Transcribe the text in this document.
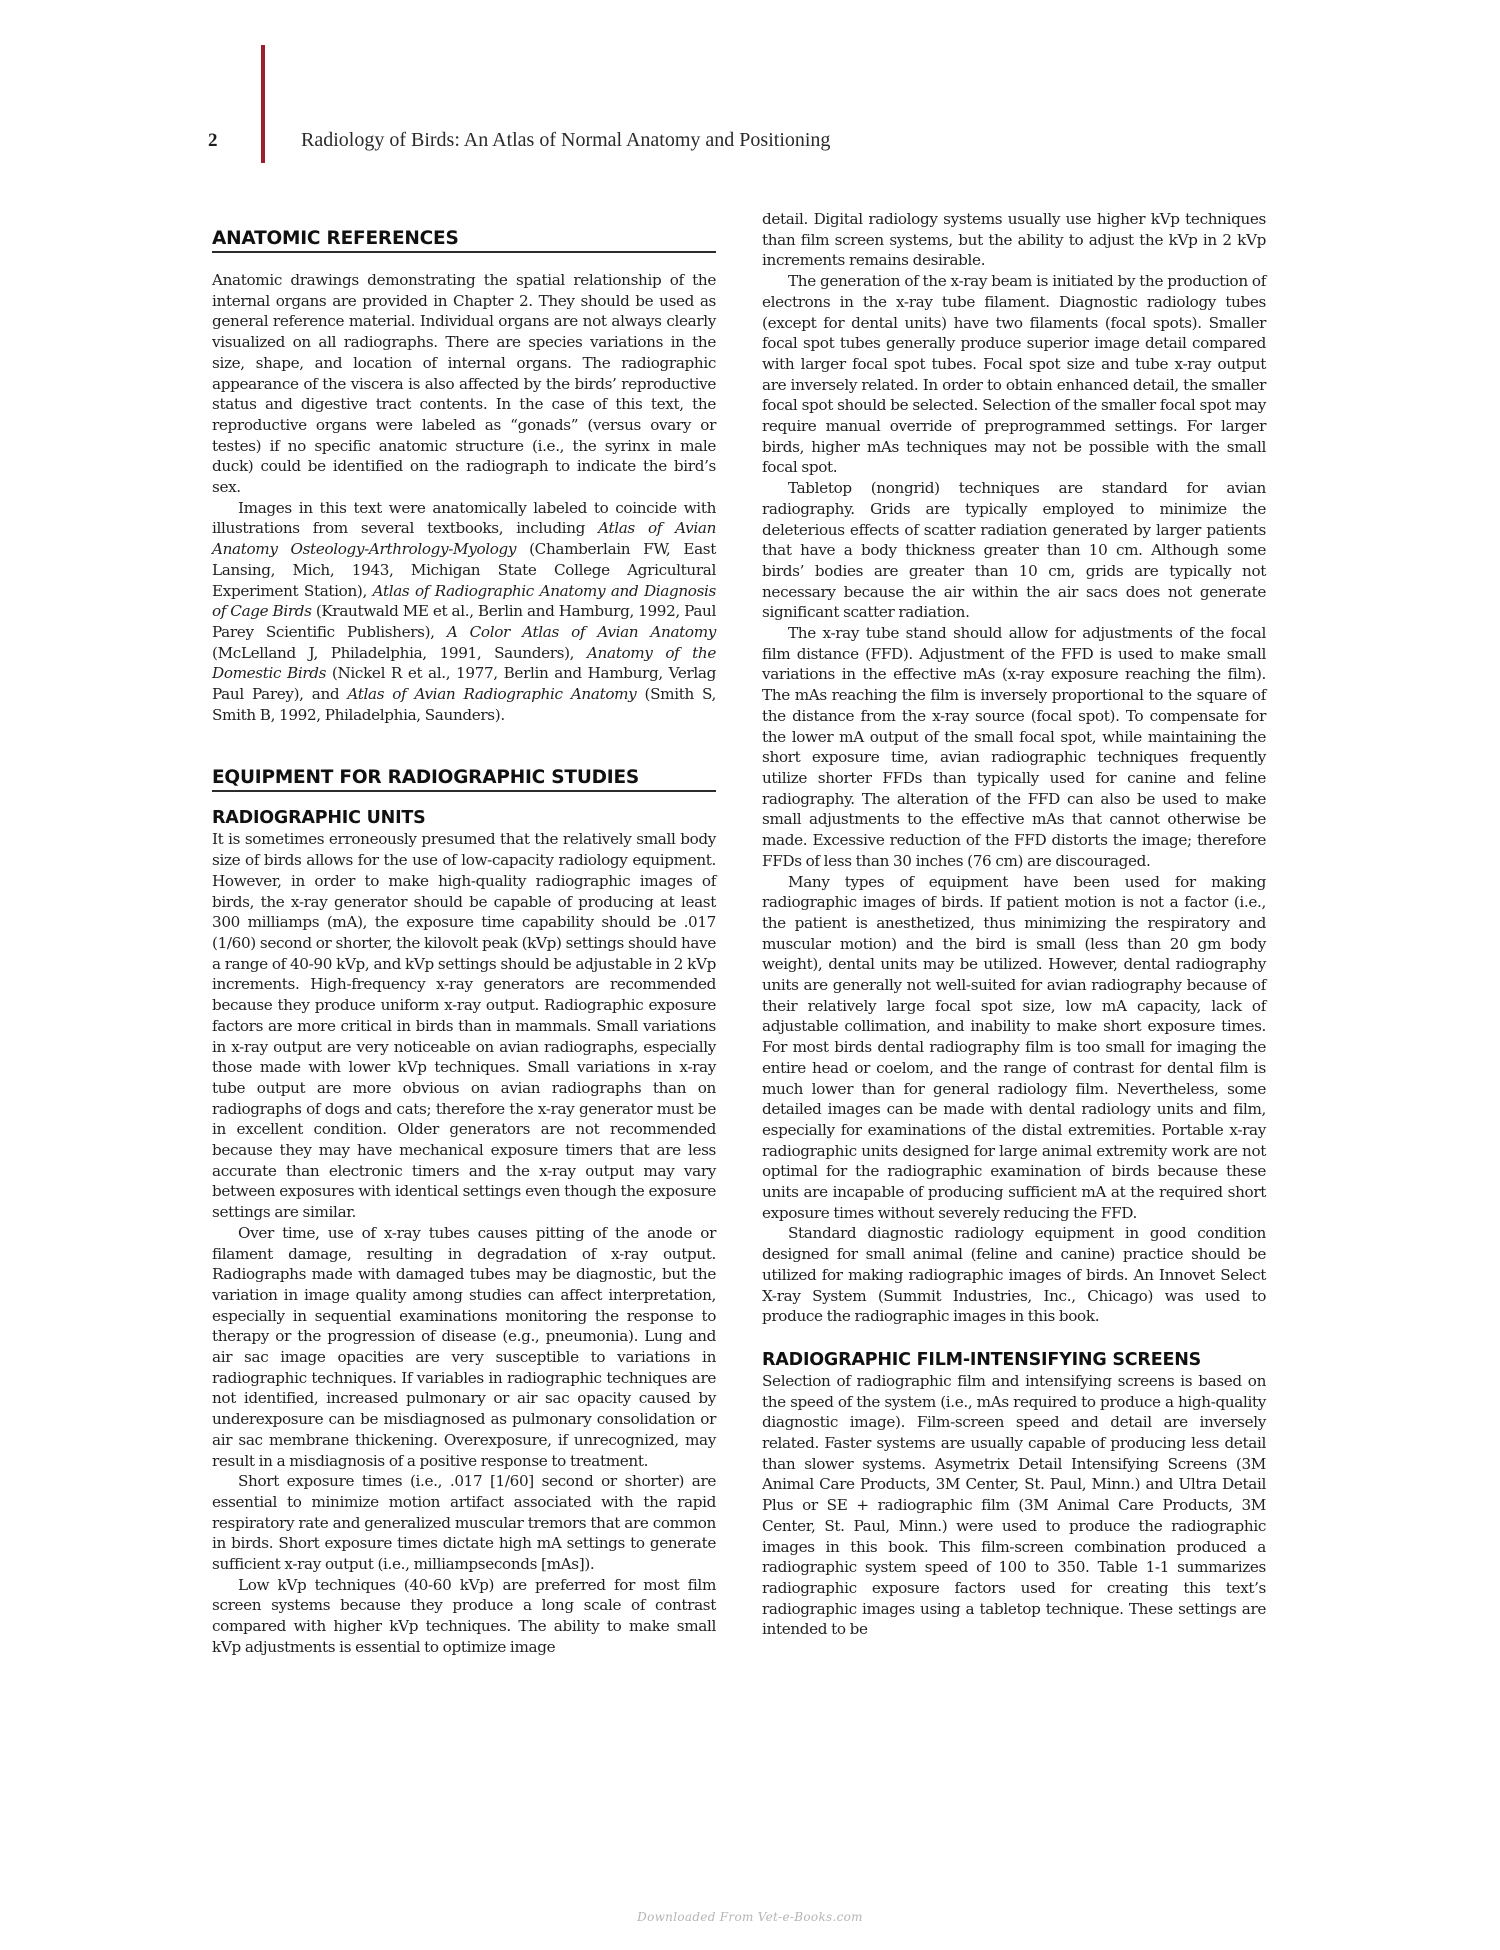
2	Radiology of Birds: An Atlas of Normal Anatomy and Positioning
ANATOMIC REFERENCES

Anatomic drawings demonstrating the spatial relationship of the internal organs are provided in Chapter 2. They should be used as general reference material. Individual organs are not always clearly visualized on all radiographs. There are species variations in the size, shape, and location of internal organs. The radiographic appearance of the viscera is also affected by the birds’ reproductive status and digestive tract contents. In the case of this text, the reproductive organs were labeled as “gonads” (versus ovary or testes) if no specific anatomic structure (i.e., the syrinx in male duck) could be identified on the radiograph to indicate the bird’s sex.

Images in this text were anatomically labeled to coincide with illustrations from several textbooks, including Atlas of Avian Anatomy Osteology-Arthrology-Myology (Chamberlain FW, East Lansing, Mich, 1943, Michigan State College Agricultural Experiment Station), Atlas of Radiographic Anatomy and Diagnosis of Cage Birds (Krautwald ME et al., Berlin and Hamburg, 1992, Paul Parey Scientific Publishers), A Color Atlas of Avian Anatomy (McLelland J, Philadelphia, 1991, Saunders), Anatomy of the Domestic Birds (Nickel R et al., 1977, Berlin and Hamburg, Verlag Paul Parey), and Atlas of Avian Radiographic Anatomy (Smith S, Smith B, 1992, Philadelphia, Saunders).

EQUIPMENT FOR RADIOGRAPHIC STUDIES
RADIOGRAPHIC UNITS

It is sometimes erroneously presumed that the relatively small body size of birds allows for the use of low-capacity radiology equipment. However, in order to make high-quality radiographic images of birds, the x-ray generator should be capable of producing at least 300 milliamps (mA), the exposure time capability should be .017 (1/60) second or shorter, the kilovolt peak (kVp) settings should have a range of 40-90 kVp, and kVp settings should be adjustable in 2 kVp increments. High-frequency x-ray generators are recommended because they produce uniform x-ray output. Radiographic exposure factors are more critical in birds than in mammals. Small variations in x-ray output are very noticeable on avian radiographs, especially those made with lower kVp techniques. Small variations in x-ray tube output are more obvious on avian radiographs than on radiographs of dogs and cats; therefore the x-ray generator must be in excellent condition. Older generators are not recommended because they may have mechanical exposure timers that are less accurate than electronic timers and the x-ray output may vary between exposures with identical settings even though the exposure settings are similar.

Over time, use of x-ray tubes causes pitting of the anode or filament damage, resulting in degradation of x-ray output. Radiographs made with damaged tubes may be diagnostic, but the variation in image quality among studies can affect interpretation, especially in sequential examinations monitoring the response to therapy or the progression of disease (e.g., pneumonia). Lung and air sac image opacities are very susceptible to variations in radiographic techniques. If variables in radiographic techniques are not identified, increased pulmonary or air sac opacity caused by underexposure can be misdiagnosed as pulmonary consolidation or air sac membrane thickening. Overexposure, if unrecognized, may result in a misdiagnosis of a positive response to treatment.

Short exposure times (i.e., .017 [1/60] second or shorter) are essential to minimize motion artifact associated with the rapid respiratory rate and generalized muscular tremors that are common in birds. Short exposure times dictate high mA settings to generate sufficient x-ray output (i.e., milliampseconds [mAs]).

Low kVp techniques (40-60 kVp) are preferred for most film screen systems because they produce a long scale of contrast compared with higher kVp techniques. The ability to make small kVp adjustments is essential to optimize image

detail. Digital radiology systems usually use higher kVp techniques than film screen systems, but the ability to adjust the kVp in 2 kVp increments remains desirable.

The generation of the x-ray beam is initiated by the production of electrons in the x-ray tube filament. Diagnostic radiology tubes (except for dental units) have two filaments (focal spots). Smaller focal spot tubes generally produce superior image detail compared with larger focal spot tubes. Focal spot size and tube x-ray output are inversely related. In order to obtain enhanced detail, the smaller focal spot should be selected. Selection of the smaller focal spot may require manual override of preprogrammed settings. For larger birds, higher mAs techniques may not be possible with the small focal spot.

Tabletop (nongrid) techniques are standard for avian radiography. Grids are typically employed to minimize the deleterious effects of scatter radiation generated by larger patients that have a body thickness greater than 10 cm. Although some birds’ bodies are greater than 10 cm, grids are typically not necessary because the air within the air sacs does not generate significant scatter radiation.

The x-ray tube stand should allow for adjustments of the focal film distance (FFD). Adjustment of the FFD is used to make small variations in the effective mAs (x-ray exposure reaching the film). The mAs reaching the film is inversely proportional to the square of the distance from the x-ray source (focal spot). To compensate for the lower mA output of the small focal spot, while maintaining the short exposure time, avian radiographic techniques frequently utilize shorter FFDs than typically used for canine and feline radiography. The alteration of the FFD can also be used to make small adjustments to the effective mAs that cannot otherwise be made. Excessive reduction of the FFD distorts the image; therefore FFDs of less than 30 inches (76 cm) are discouraged.

Many types of equipment have been used for making radiographic images of birds. If patient motion is not a factor (i.e., the patient is anesthetized, thus minimizing the respiratory and muscular motion) and the bird is small (less than 20 gm body weight), dental units may be utilized. However, dental radiography units are generally not well-suited for avian radiography because of their relatively large focal spot size, low mA capacity, lack of adjustable collimation, and inability to make short exposure times. For most birds dental radiography film is too small for imaging the entire head or coelom, and the range of contrast for dental film is much lower than for general radiology film. Nevertheless, some detailed images can be made with dental radiology units and film, especially for examinations of the distal extremities. Portable x-ray radiographic units designed for large animal extremity work are not optimal for the radiographic examination of birds because these units are incapable of producing sufficient mA at the required short exposure times without severely reducing the FFD.

Standard diagnostic radiology equipment in good condition designed for small animal (feline and canine) practice should be utilized for making radiographic images of birds. An Innovet Select X-ray System (Summit Industries, Inc., Chicago) was used to produce the radiographic images in this book.

RADIOGRAPHIC FILM-INTENSIFYING SCREENS

Selection of radiographic film and intensifying screens is based on the speed of the system (i.e., mAs required to produce a high-quality diagnostic image). Film-screen speed and detail are inversely related. Faster systems are usually capable of producing less detail than slower systems. Asymetrix Detail Intensifying Screens (3M Animal Care Products, 3M Center, St. Paul, Minn.) and Ultra Detail Plus or SE + radiographic film (3M Animal Care Products, 3M Center, St. Paul, Minn.) were used to produce the radiographic images in this book. This film-screen combination produced a radiographic system speed of 100 to 350. Table 1-1 summarizes radiographic exposure factors used for creating this text’s radiographic images using a tabletop technique. These settings are intended to be

Downloaded From Vet-e-Books.com
